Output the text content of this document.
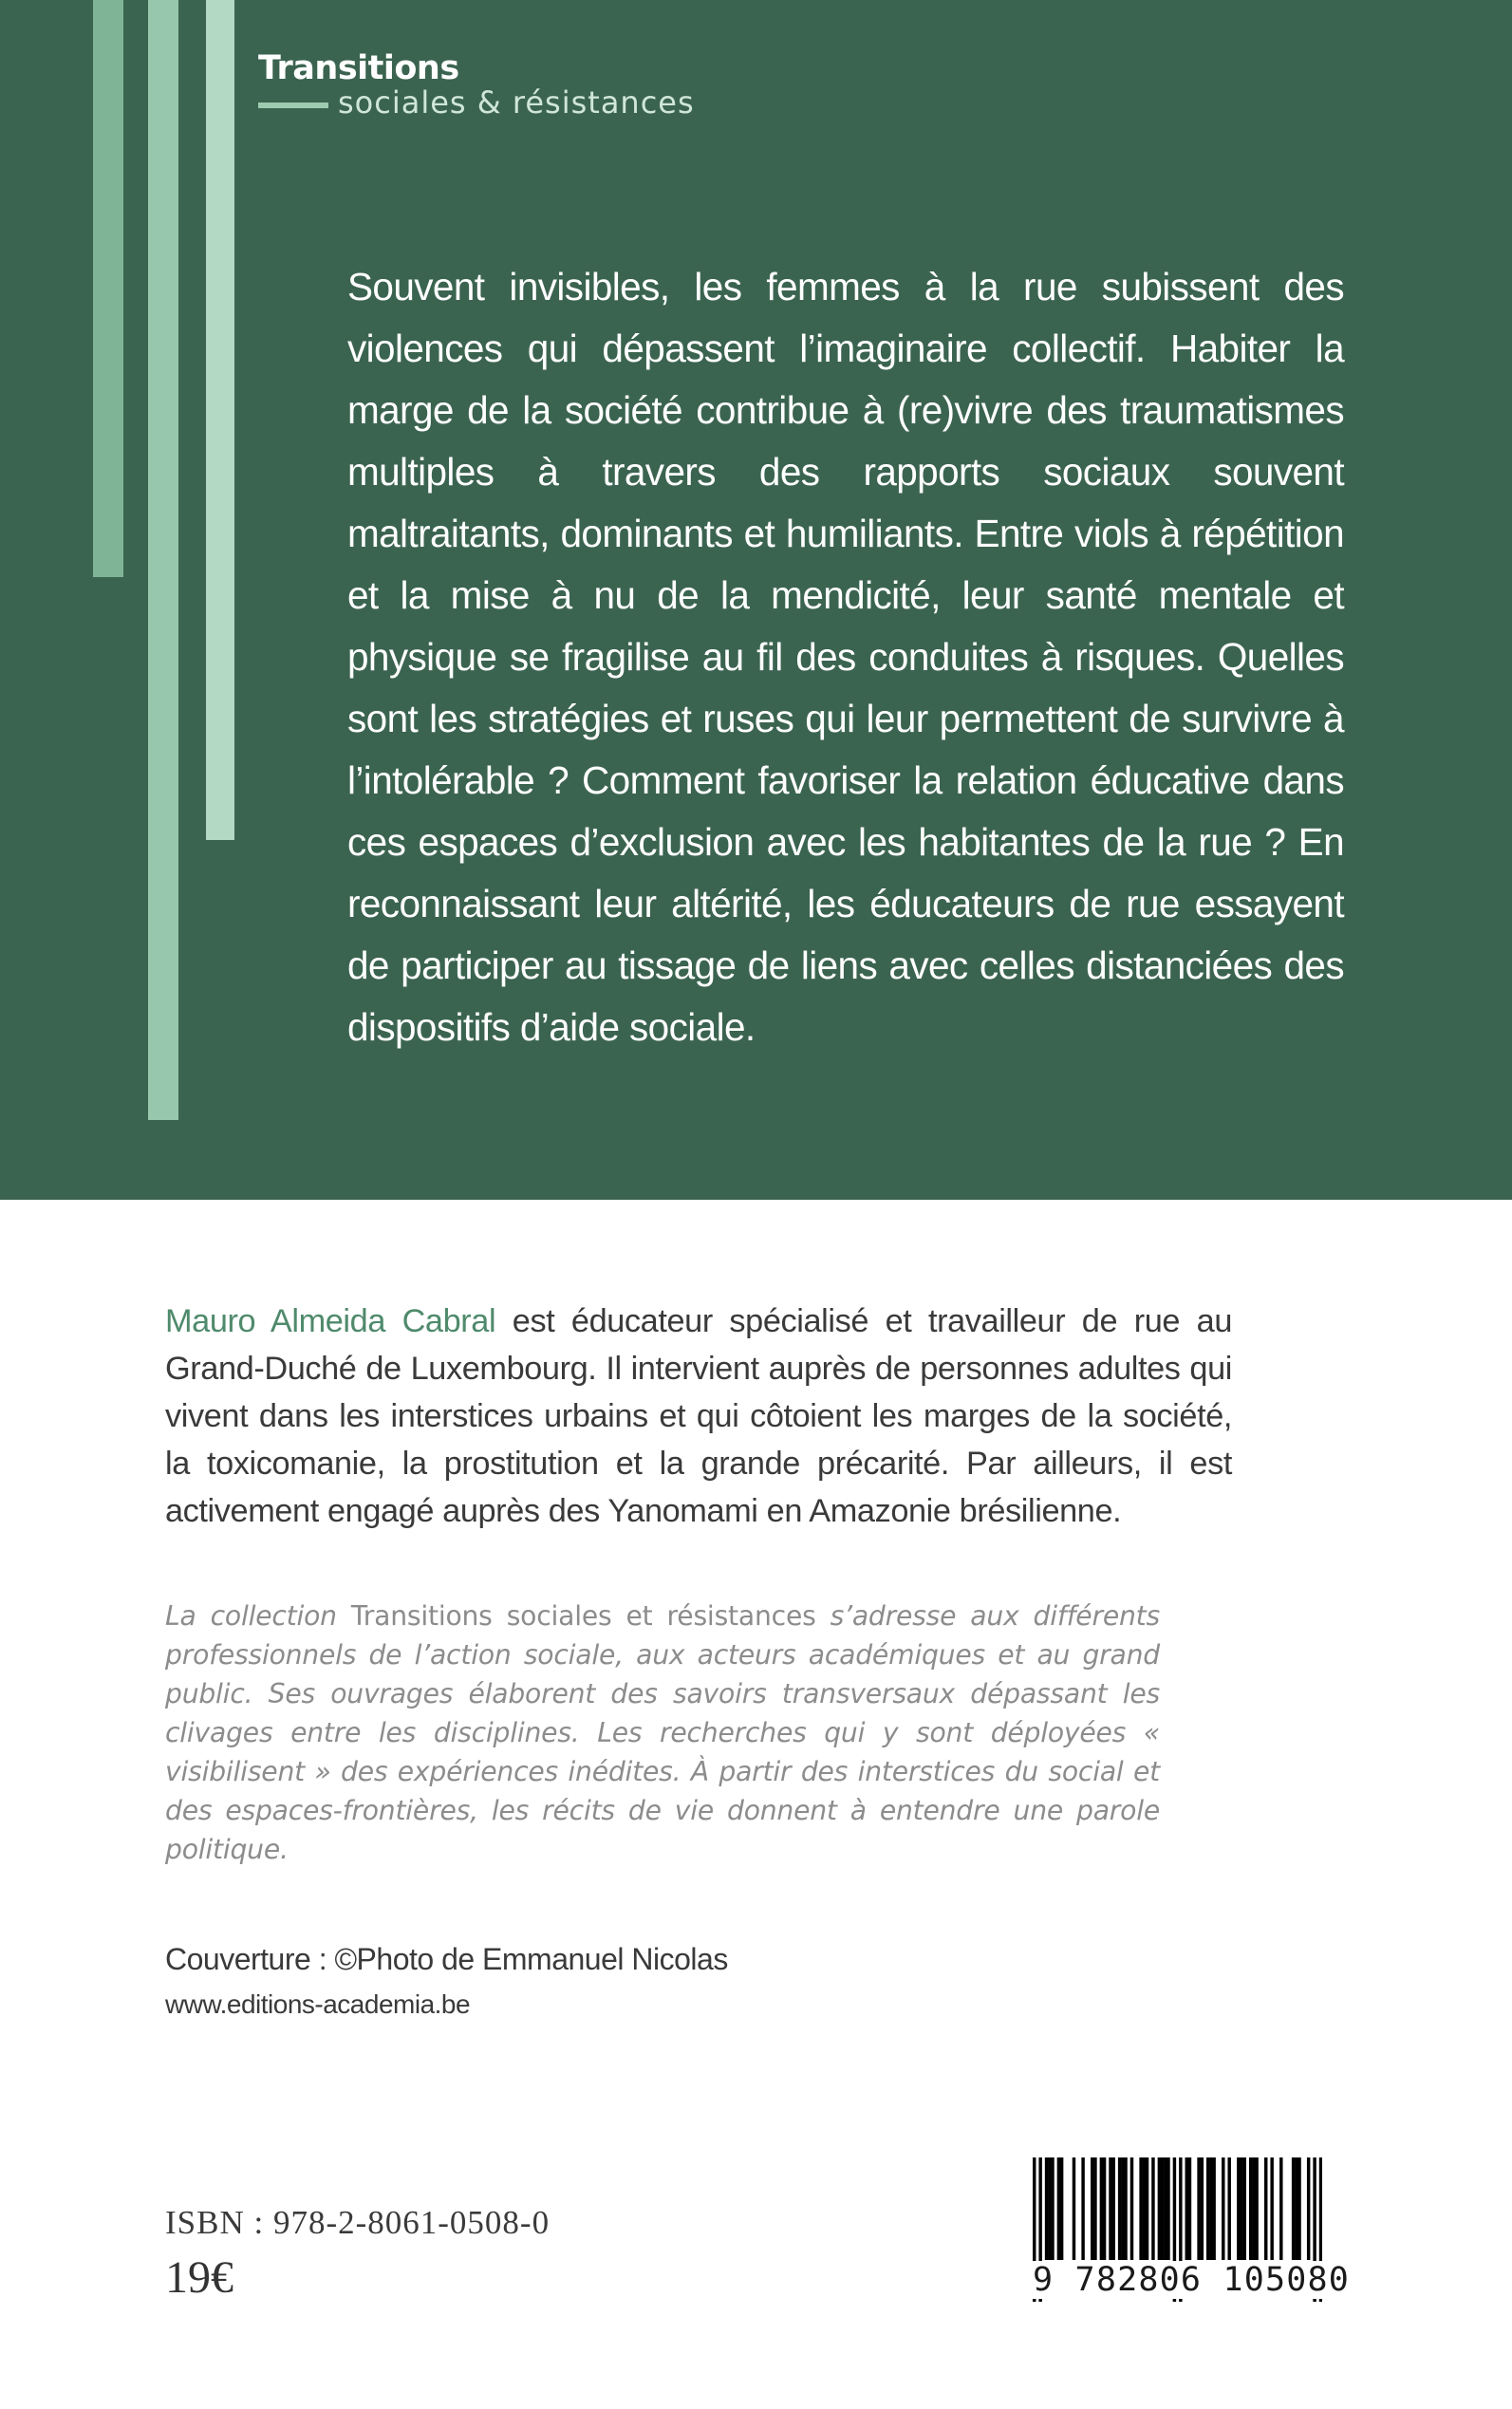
Transitions
sociales & résistances

Souvent invisibles, les femmes à la rue subissent des violences qui dépassent l’imaginaire collectif. Habiter la marge de la société contribue à (re)vivre des traumatismes multiples à travers des rapports sociaux souvent maltraitants, dominants et humiliants. Entre viols à répétition et la mise à nu de la mendicité, leur santé mentale et physique se fragilise au fil des conduites à risques. Quelles sont les stratégies et ruses qui leur permettent de survivre à l’intolérable ? Comment favoriser la relation éducative dans ces espaces d’exclusion avec les habitantes de la rue ? En reconnaissant leur altérité, les éducateurs de rue essayent de participer au tissage de liens avec celles distanciées des dispositifs d’aide sociale.

Mauro Almeida Cabral est éducateur spécialisé et travailleur de rue au Grand-Duché de Luxembourg. Il intervient auprès de personnes adultes qui vivent dans les interstices urbains et qui côtoient les marges de la société, la toxicomanie, la prostitution et la grande précarité. Par ailleurs, il est activement engagé auprès des Yanomami en Amazonie brésilienne.

La collection Transitions sociales et résistances s’adresse aux différents professionnels de l’action sociale, aux acteurs académiques et au grand public. Ses ouvrages élaborent des savoirs transversaux dépassant les clivages entre les disciplines. Les recherches qui y sont déployées « visibilisent » des expériences inédites. À partir des interstices du social et des espaces-frontières, les récits de vie donnent à entendre une parole politique.

Couverture : ©Photo de Emmanuel Nicolas
www.editions-academia.be
ISBN : 978-2-8061-0508-0
19€	9 782806 105080
